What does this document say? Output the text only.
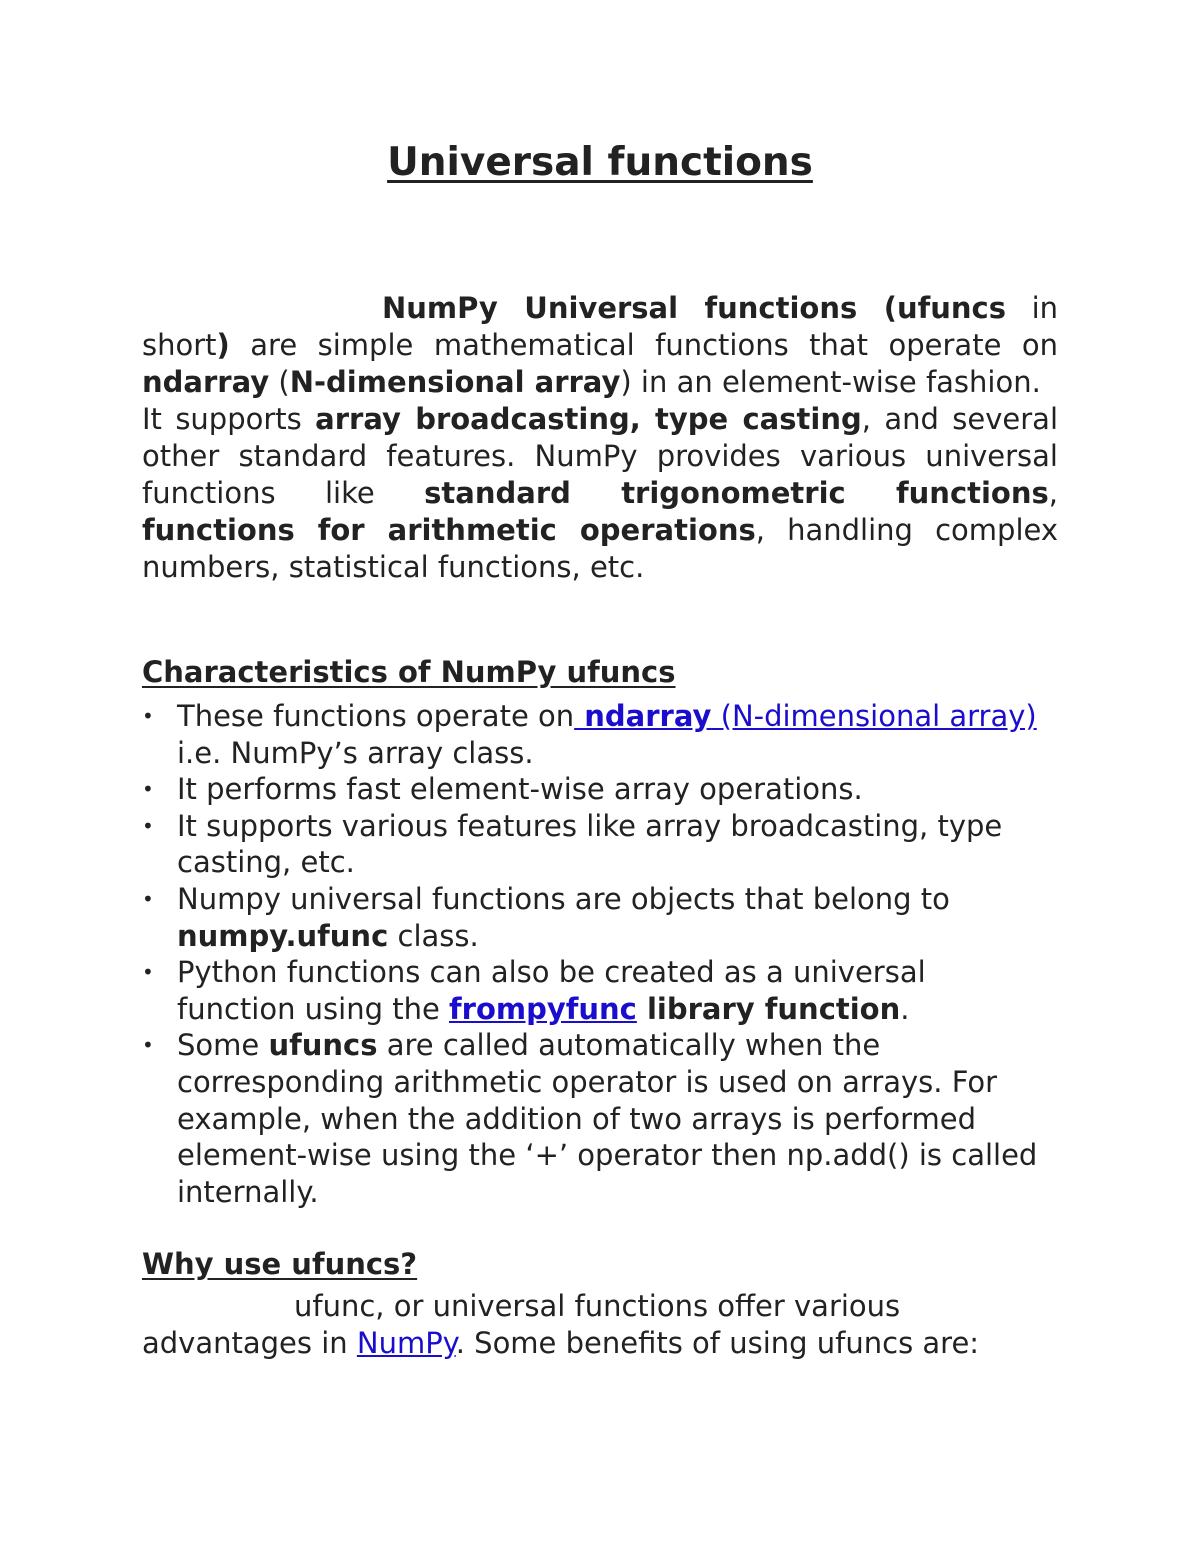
Universal functions

NumPy Universal functions (ufuncs in short) are simple mathematical functions that operate on ndarray (N-dimensional array) in an element-wise fashion.
It supports array broadcasting, type casting, and several other standard features. NumPy provides various universal functions like standard trigonometric functions, functions for arithmetic operations, handling complex numbers, statistical functions, etc.

Characteristics of NumPy ufuncs
• These functions operate on ndarray (N-dimensional array) i.e. NumPy’s array class.
• It performs fast element-wise array operations.
• It supports various features like array broadcasting, type casting, etc.
• Numpy universal functions are objects that belong to numpy.ufunc class.
• Python functions can also be created as a universal function using the frompyfunc library function.
• Some ufuncs are called automatically when the corresponding arithmetic operator is used on arrays. For example, when the addition of two arrays is performed element-wise using the ‘+’ operator then np.add() is called internally.
Why use ufuncs?

ufunc, or universal functions offer various advantages in NumPy. Some benefits of using ufuncs are:
